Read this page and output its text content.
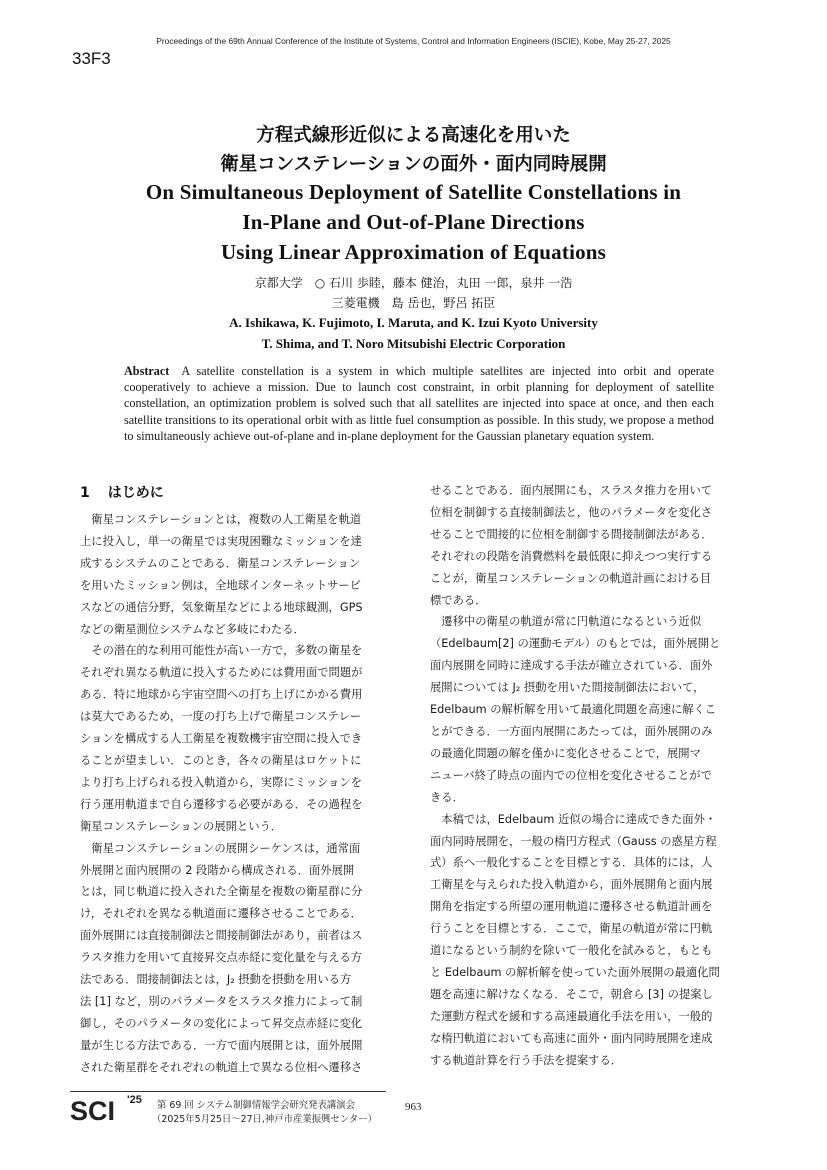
Proceedings of the 69th Annual Conference of the Institute of Systems, Control and Information Engineers (ISCIE), Kobe, May 25-27, 2025
33F3
方程式線形近似による高速化を用いた
衛星コンステレーションの面外・面内同時展開
On Simultaneous Deployment of Satellite Constellations in
In-Plane and Out-of-Plane Directions
Using Linear Approximation of Equations
京都大学　○ 石川 歩睦，藤本 健治，丸田 一郎，泉井 一浩
三菱電機　島 岳也，野呂 拓臣
A. Ishikawa, K. Fujimoto, I. Maruta, and K. Izui Kyoto University
T. Shima, and T. Noro Mitsubishi Electric Corporation
Abstract A satellite constellation is a system in which multiple satellites are injected into orbit and operate cooperatively to achieve a mission. Due to launch cost constraint, in orbit planning for deployment of satellite constellation, an optimization problem is solved such that all satellites are injected into space at once, and then each satellite transitions to its operational orbit with as little fuel consumption as possible. In this study, we propose a method to simultaneously achieve out-of-plane and in-plane deployment for the Gaussian planetary equation system.
1 はじめに
　衛星コンステレーションとは，複数の人工衛星を軌道
上に投入し，単一の衛星では実現困難なミッションを達
成するシステムのことである．衛星コンステレーション
を用いたミッション例は，全地球インターネットサービ
スなどの通信分野，気象衛星などによる地球観測，GPS
などの衛星測位システムなど多岐にわたる．
　その潜在的な利用可能性が高い一方で，多数の衛星を
それぞれ異なる軌道に投入するためには費用面で問題が
ある．特に地球から宇宙空間への打ち上げにかかる費用
は莫大であるため，一度の打ち上げで衛星コンステレー
ションを構成する人工衛星を複数機宇宙空間に投入でき
ることが望ましい．このとき，各々の衛星はロケットに
より打ち上げられる投入軌道から，実際にミッションを
行う運用軌道まで自ら遷移する必要がある．その過程を
衛星コンステレーションの展開という．
　衛星コンステレーションの展開シーケンスは，通常面
外展開と面内展開の 2 段階から構成される．面外展開
とは，同じ軌道に投入された全衛星を複数の衛星群に分
け，それぞれを異なる軌道面に遷移させることである．
面外展開には直接制御法と間接制御法があり，前者はス
ラスタ推力を用いて直接昇交点赤経に変化量を与える方
法である．間接制御法とは，J₂ 摂動を摂動を用いる方
法 [1] など，別のパラメータをスラスタ推力によって制
御し，そのパラメータの変化によって昇交点赤経に変化
量が生じる方法である．一方で面内展開とは，面外展開
された衛星群をそれぞれの軌道上で異なる位相へ遷移さ
せることである．面内展開にも，スラスタ推力を用いて
位相を制御する直接制御法と，他のパラメータを変化さ
せることで間接的に位相を制御する間接制御法がある．
それぞれの段階を消費燃料を最低限に抑えつつ実行する
ことが，衛星コンステレーションの軌道計画における目
標である．
　遷移中の衛星の軌道が常に円軌道になるという近似
（Edelbaum[2] の運動モデル）のもとでは，面外展開と
面内展開を同時に達成する手法が確立されている．面外
展開については J₂ 摂動を用いた間接制御法において，
Edelbaum の解析解を用いて最適化問題を高速に解くこ
とができる．一方面内展開にあたっては，面外展開のみ
の最適化問題の解を僅かに変化させることで，展開マ
ニューバ終了時点の面内での位相を変化させることがで
きる．
　本稿では，Edelbaum 近似の場合に達成できた面外・
面内同時展開を，一般の楕円方程式（Gauss の惑星方程
式）系へ一般化することを目標とする．具体的には，人
工衛星を与えられた投入軌道から，面外展開角と面内展
開角を指定する所望の運用軌道に遷移させる軌道計画を
行うことを目標とする．ここで，衛星の軌道が常に円軌
道になるという制約を除いて一般化を試みると，もとも
と Edelbaum の解析解を使っていた面外展開の最適化問
題を高速に解けなくなる．そこで，朝倉ら [3] の提案し
た運動方程式を緩和する高速最適化手法を用い，一般的
な楕円軌道においても高速に面外・面内同時展開を達成
する軌道計算を行う手法を提案する．
SCI '25 第 69 回 システム制御情報学会研究発表講演会
（2025年5月25日〜27日,神戸市産業振興センター）
963
